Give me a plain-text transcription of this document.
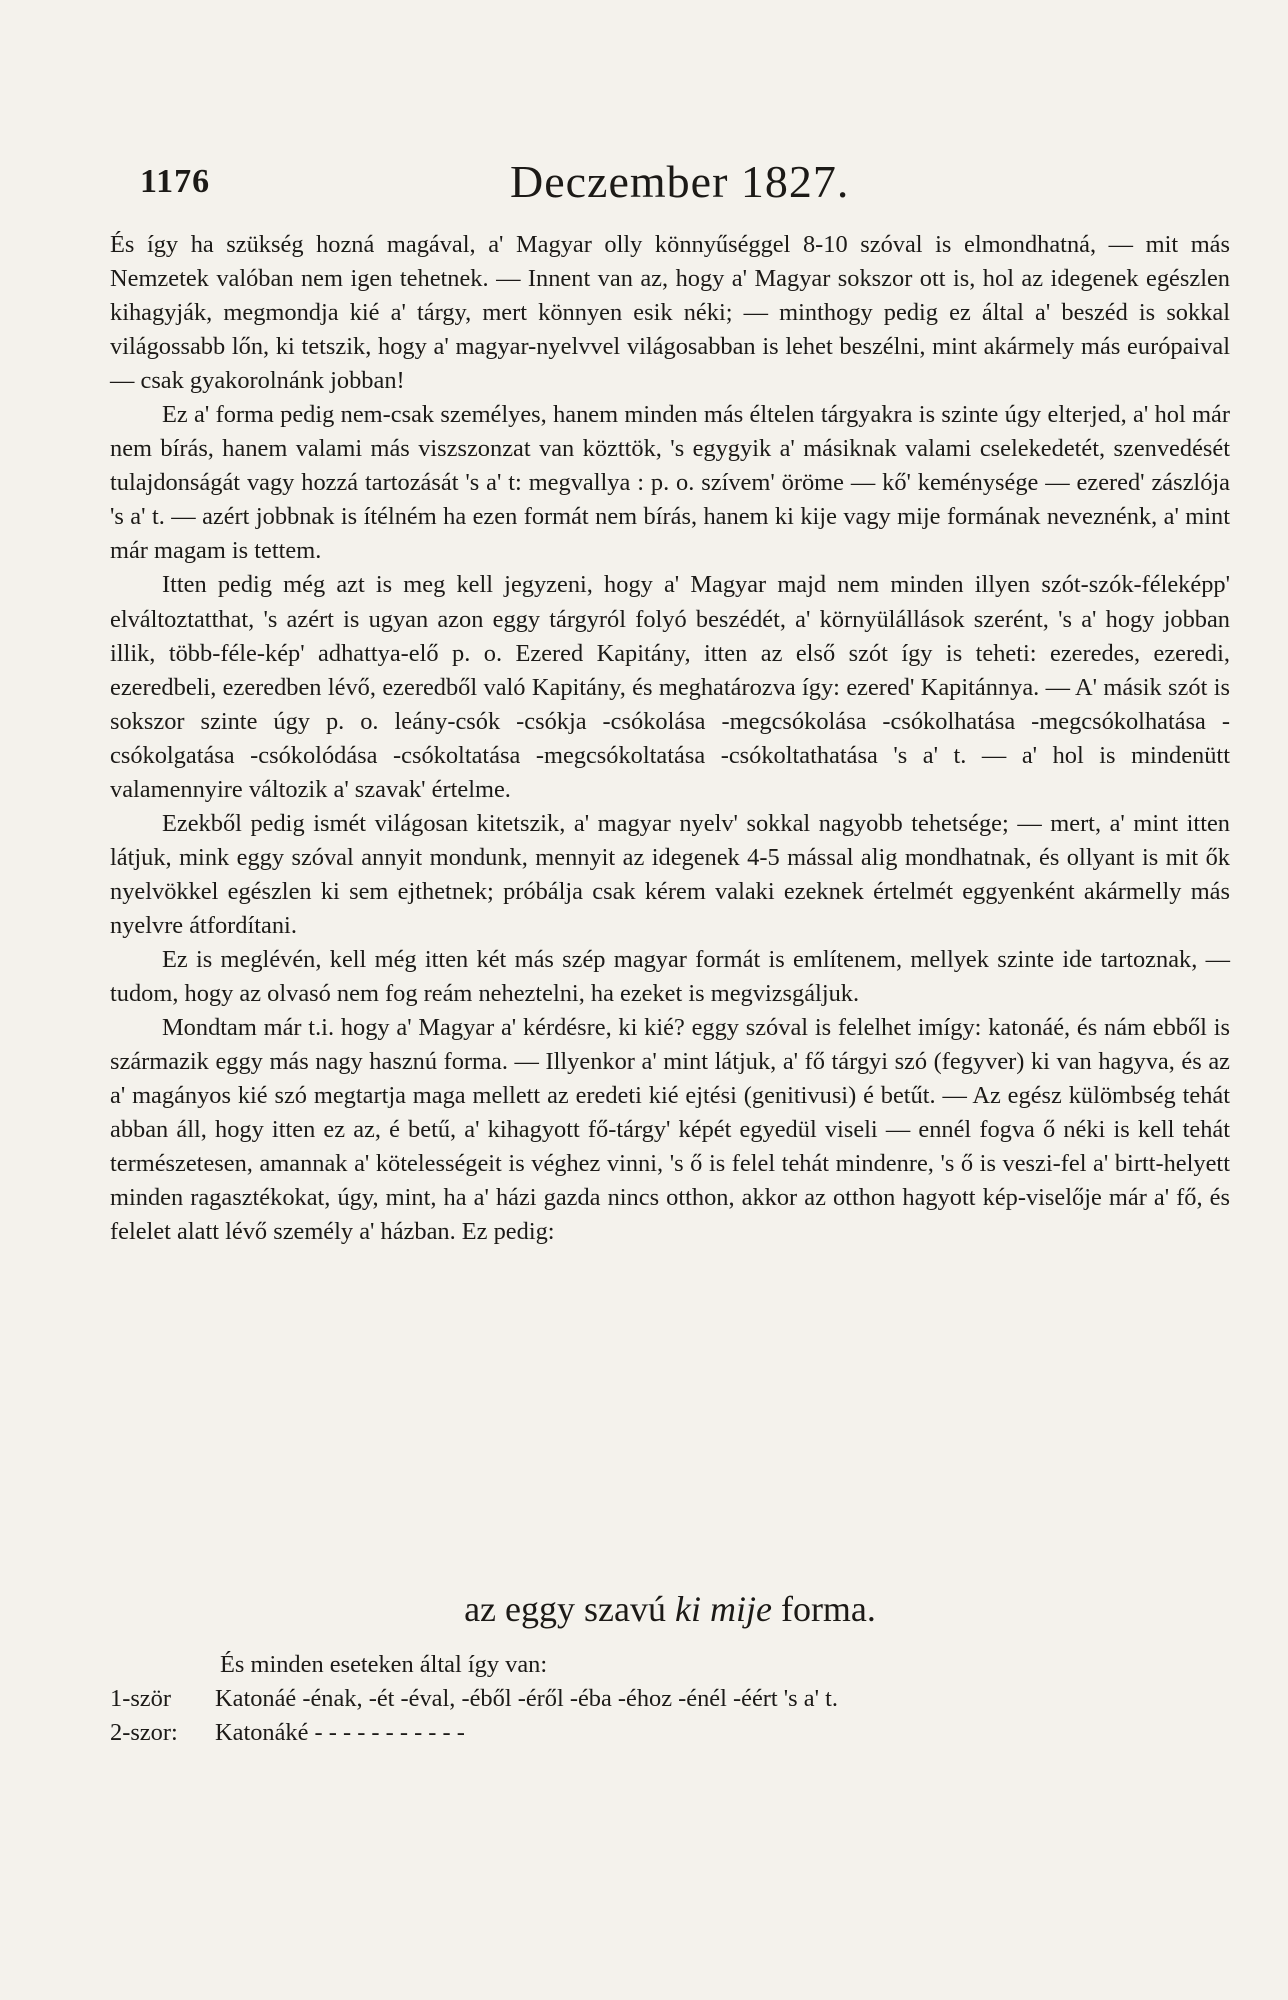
1176	Deczember 1827.

És így ha szükség hozná magával, a' Magyar olly könnyűséggel 8-10 szóval is elmondhatná, — mit más Nemzetek valóban nem igen tehetnek. — Innent van az, hogy a' Magyar sokszor ott is, hol az idegenek egészlen kihagyják, megmondja kié a' tárgy, mert könnyen esik néki; — minthogy pedig ez által a' beszéd is sokkal világossabb lőn, ki tetszik, hogy a' magyar-nyelvvel világosabban is lehet beszélni, mint akármely más európaival — csak gyakorolnánk jobban!

Ez a' forma pedig nem-csak személyes, hanem minden más éltelen tárgyakra is szinte úgy elterjed, a' hol már nem bírás, hanem valami más viszszonzat van közttök, 's egygyik a' másiknak valami cselekedetét, szenvedését tulajdonságát vagy hozzá tartozását 's a' t: megvallya : p. o. szívem' öröme — kő' keménysége — ezered' zászlója 's a' t. — azért jobbnak is ítélném ha ezen formát nem bírás, hanem ki kije vagy mije formának neveznénk, a' mint már magam is tettem.

Itten pedig még azt is meg kell jegyzeni, hogy a' Magyar majd nem minden illyen szót-szók-féleképp' elváltoztatthat, 's azért is ugyan azon eggy tárgyról folyó beszédét, a' környülállások szerént, 's a' hogy jobban illik, több-féle-kép' adhattya-elő p. o. Ezered Kapitány, itten az első szót így is teheti: ezeredes, ezeredi, ezeredbeli, ezeredben lévő, ezeredből való Kapitány, és meghatározva így: ezered' Kapitánnya. — A' másik szót is sokszor szinte úgy p. o. leány-csók -csókja -csókolása -megcsókolása -csókolhatása -megcsókolhatása -csókolgatása -csókolódása -csókoltatása -megcsókoltatása -csókoltathatása 's a' t. — a' hol is mindenütt valamennyire változik a' szavak' értelme.

Ezekből pedig ismét világosan kitetszik, a' magyar nyelv' sokkal nagyobb tehetsége; — mert, a' mint itten látjuk, mink eggy szóval annyit mondunk, mennyit az idegenek 4-5 mással alig mondhatnak, és ollyant is mit ők nyelvökkel egészlen ki sem ejthetnek; próbálja csak kérem valaki ezeknek értelmét eggyenként akármelly más nyelvre átfordítani.

Ez is meglévén, kell még itten két más szép magyar formát is említenem, mellyek szinte ide tartoznak, — tudom, hogy az olvasó nem fog reám neheztelni, ha ezeket is megvizsgáljuk.

Mondtam már t.i. hogy a' Magyar a' kérdésre, ki kié? eggy szóval is felelhet imígy: katonáé, és nám ebből is származik eggy más nagy hasznú forma. — Illyenkor a' mint látjuk, a' fő tárgyi szó (fegyver) ki van hagyva, és az a' magányos kié szó megtartja maga mellett az eredeti kié ejtési (genitivusi) é betűt. — Az egész külömbség tehát abban áll, hogy itten ez az, é betű, a' kihagyott fő-tárgy' képét egyedül viseli — ennél fogva ő néki is kell tehát természetesen, amannak a' kötelességeit is véghez vinni, 's ő is felel tehát mindenre, 's ő is veszi-fel a' birtt-helyett minden ragasztékokat, úgy, mint, ha a' házi gazda nincs otthon, akkor az otthon hagyott kép-viselője már a' fő, és felelet alatt lévő személy a' házban. Ez pedig:

az eggy szavú ki mije forma.

És minden eseteken által így van:

1-ször	Katonáé -énak, -ét -éval, -éből -éről -éba -éhoz -énél -éért 's a' t.
2-szor:	Katonáké - - - - - - - - - - -
